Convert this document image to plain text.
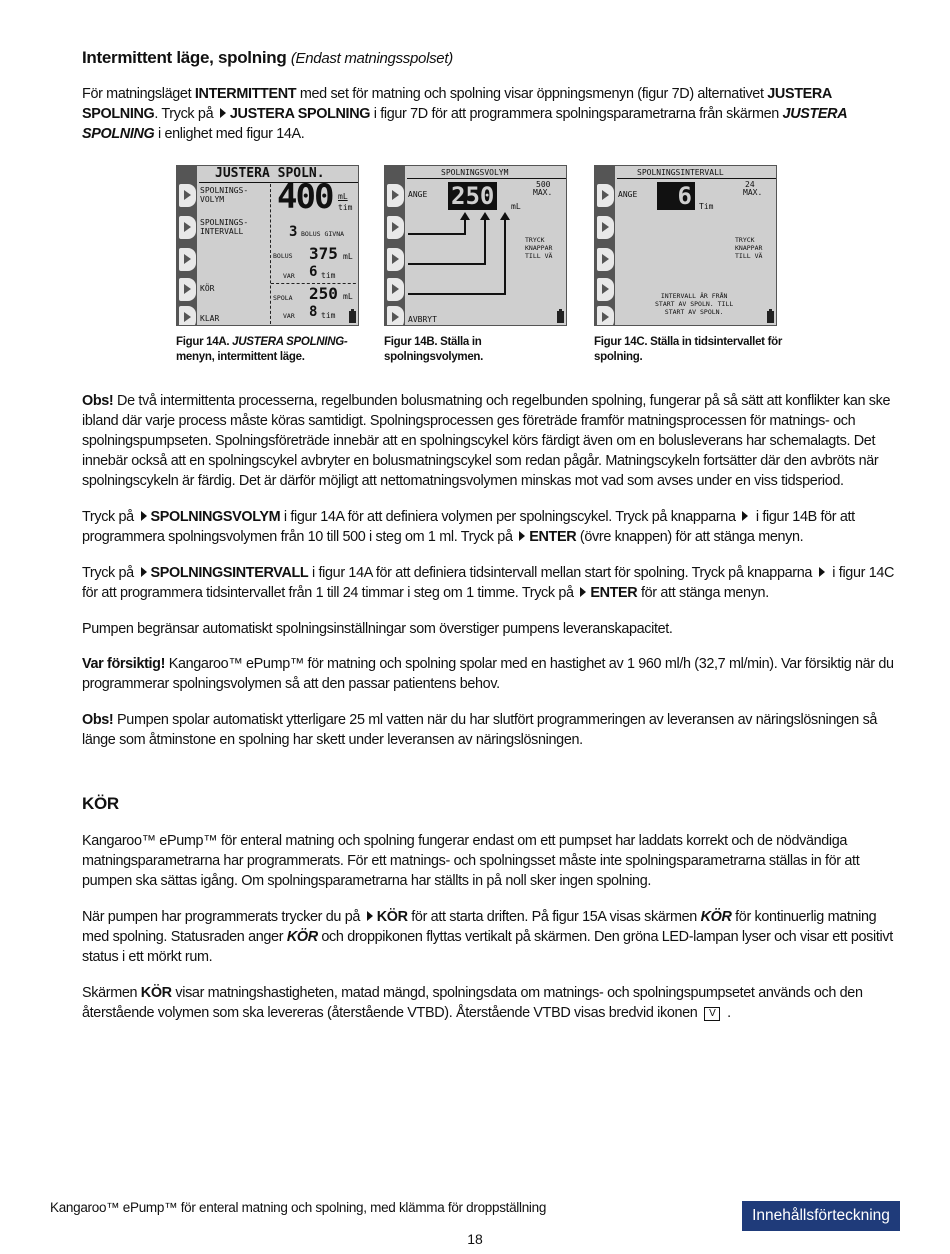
Intermittent läge, spolning (Endast matningsspolset)
För matningsläget INTERMITTENT med set för matning och spolning visar öppningsmenyn (figur 7D) alternativet JUSTERA SPOLNING. Tryck på JUSTERA SPOLNING i figur 7D för att programmera spolningsparametrarna från skärmen JUSTERA SPOLNING i enlighet med figur 14A.
JUSTERA SPOLN.
SPOLNINGS-
VOLYM
SPOLNINGS-
INTERVALL
KÖR
KLAR
400 mL
tim
3 BOLUS GIVNA
BOLUS 375 mL
VAR 6 tim
SPOLA 250 mL
VAR 8 tim
SPOLNINGSVOLYM
ANGE 250	mL
500
MAX.
TRYCK
KNAPPAR
TILL VÄ
AVBRYT
SPOLNINGSINTERVALL
ANGE	6 Tim
24
MAX.
TRYCK
KNAPPAR
TILL VÄ
INTERVALL ÄR FRÅN
START AV SPOLN. TILL
START AV SPOLN.
Figur 14A. JUSTERA SPOLNING-
menyn, intermittent läge.
Figur 14B. Ställa in spolningsvolymen.
Figur 14C. Ställa in tidsintervallet för spolning.
Obs! De två intermittenta processerna, regelbunden bolusmatning och regelbunden spolning, fungerar på så sätt att konflikter kan ske ibland där varje process måste köras samtidigt. Spolningsprocessen ges företräde framför matningsprocessen för matnings- och spolningspumpseten. Spolningsföreträde innebär att en spolningscykel körs färdigt även om en bolusleverans har schemalagts. Det innebär också att en spolningscykel avbryter en bolusmatningscykel som redan pågår. Matningscykeln fortsätter där den avbröts när spolningscykeln är färdig. Det är därför möjligt att nettomatningsvolymen minskas mot vad som avses under en viss tidsperiod.
Tryck på SPOLNINGSVOLYM i figur 14A för att definiera volymen per spolningscykel. Tryck på knapparna  i figur 14B för att programmera spolningsvolymen från 10 till 500 i steg om 1 ml. Tryck på ENTER (övre knappen) för att stänga menyn.
Tryck på SPOLNINGSINTERVALL i figur 14A för att definiera tidsintervall mellan start för spolning. Tryck på knapparna  i figur 14C för att programmera tidsintervallet från 1 till 24 timmar i steg om 1 timme. Tryck på ENTER för att stänga menyn.
Pumpen begränsar automatiskt spolningsinställningar som överstiger pumpens leveranskapacitet.
Var försiktig! Kangaroo™ ePump™ för matning och spolning spolar med en hastighet av 1 960 ml/h (32,7 ml/min). Var försiktig när du programmerar spolningsvolymen så att den passar patientens behov.
Obs! Pumpen spolar automatiskt ytterligare 25 ml vatten när du har slutfört programmeringen av leveransen av näringslösningen så länge som åtminstone en spolning har skett under leveransen av näringslösningen.
KÖR
Kangaroo™ ePump™ för enteral matning och spolning fungerar endast om ett pumpset har laddats korrekt och de nödvändiga matningsparametrarna har programmerats. För ett matnings- och spolningsset måste inte spolningsparametrarna ställas in för att pumpen ska sättas igång. Om spolningsparametrarna har ställts in på noll sker ingen spolning.
När pumpen har programmerats trycker du på KÖR för att starta driften. På figur 15A visas skärmen KÖR för kontinuerlig matning med spolning. Statusraden anger KÖR och droppikonen flyttas vertikalt på skärmen. Den gröna LED-lampan lyser och visar ett positivt status i ett mörkt rum.
Skärmen KÖR visar matningshastigheten, matad mängd, spolningsdata om matnings- och spolningspumpsetet används och den återstående volymen som ska levereras (återstående VTBD). Återstående VTBD visas bredvid ikonen V .
Kangaroo™ ePump™ för enteral matning och spolning, med klämma för droppställning	Innehållsförteckning
18
